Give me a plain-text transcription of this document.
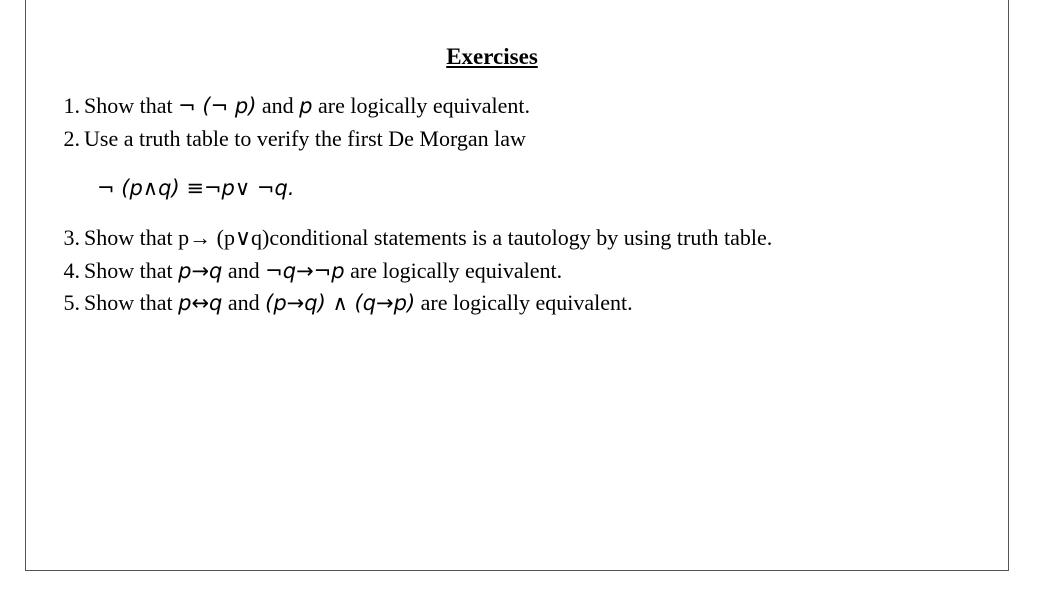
Exercises
1. Show that ¬ (¬ p) and p are logically equivalent.
2. Use a truth table to verify the first De Morgan law
¬ (p∧q) ≡¬p∨ ¬q.
3. Show that p→ (p∨q)conditional statements is a tautology by using truth table.
4. Show that p→q and ¬q→¬p are logically equivalent.
5. Show that p↔q and (p→q) ∧ (q→p) are logically equivalent.
